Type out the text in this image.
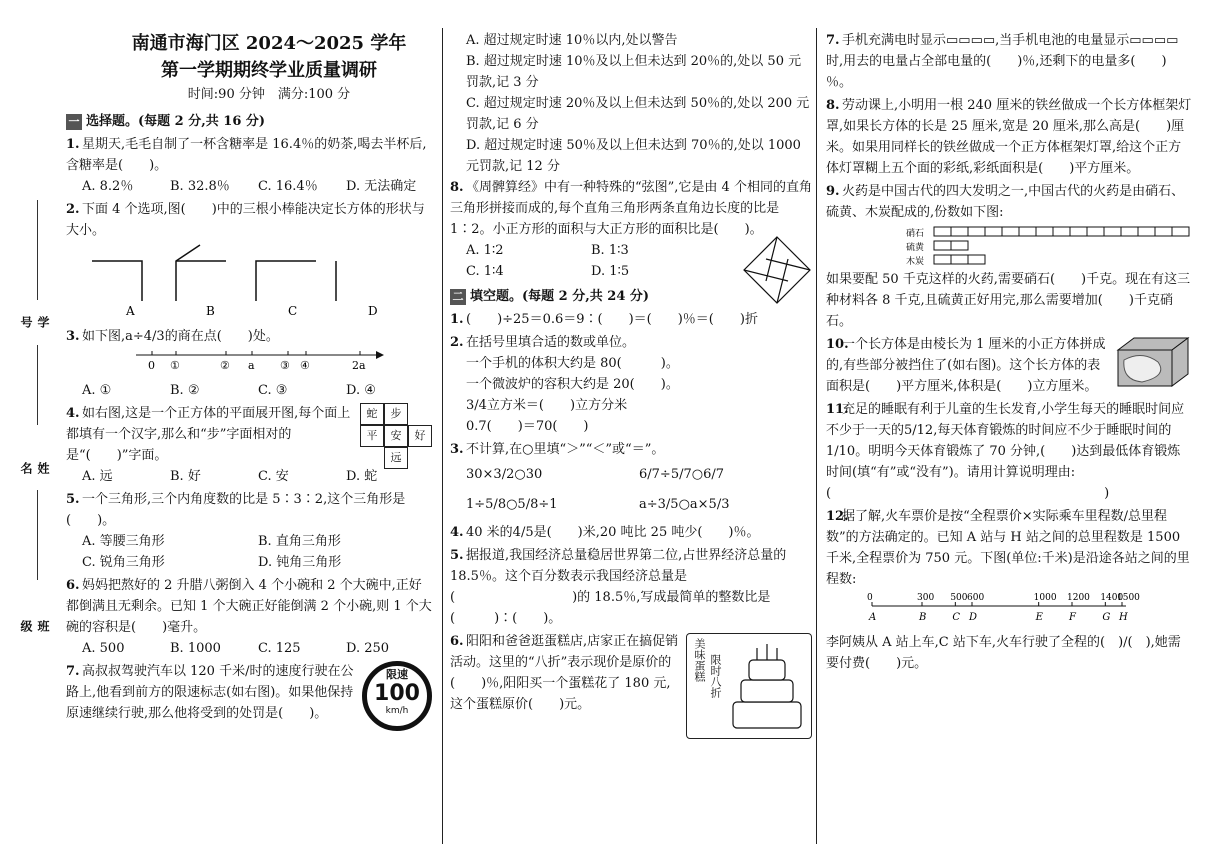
学号
姓名
班级
南通市海门区 2024～2025 学年
第一学期期终学业质量调研
时间:90 分钟　满分:100 分
一 选择题。(每题 2 分,共 16 分)
1. 星期天,毛毛自制了一杯含糖率是 16.4％的奶茶,喝去半杯后,含糖率是(　　)。
A. 8.2％	B. 32.8％	C. 16.4％	D. 无法确定
2. 下面 4 个选项,图(　　)中的三根小棒能决定长方体的形状与大小。
A	B	C	D
3. 如下图,a÷4/3的商在点(　　)处。
0 ①	② a ③ ④	2a
A. ①	B. ②	C. ③	D. ④
4. 如右图,这是一个正方体的平面展开图,每个面上都填有一个汉字,那么和“步”字面相对的是“(　　)”字面。
蛇	步
平	安	好
远
A. 远	B. 好	C. 安	D. 蛇
5. 一个三角形,三个内角度数的比是 5∶3∶2,这个三角形是(　　)。
A. 等腰三角形	B. 直角三角形
C. 锐角三角形	D. 钝角三角形
6. 妈妈把熬好的 2 升腊八粥倒入 4 个小碗和 2 个大碗中,正好都倒满且无剩余。已知 1 个大碗正好能倒满 2 个小碗,则 1 个大碗的容积是(　　)毫升。
A. 500	B. 1000	C. 125	D. 250
7. 高叔叔驾驶汽车以 120 千米/时的速度行驶在公路上,他看到前方的限速标志(如右图)。如果他保持原速继续行驶,那么他将受到的处罚是(　　)。
限速
100
km/h
A. 超过规定时速 10％以内,处以警告
B. 超过规定时速 10％及以上但未达到 20％的,处以 50 元罚款,记 3 分
C. 超过规定时速 20％及以上但未达到 50％的,处以 200 元罚款,记 6 分
D. 超过规定时速 50％及以上但未达到 70％的,处以 1000 元罚款,记 12 分
8. 《周髀算经》中有一种特殊的“弦图”,它是由 4 个相同的直角三角形拼接而成的,每个直角三角形两条直角边长度的比是 1∶2。小正方形的面积与大正方形的面积比是(　　)。
A. 1∶2	B. 1∶3
C. 1∶4	D. 1∶5
二 填空题。(每题 2 分,共 24 分)
1. (　　)÷25＝0.6＝9∶(　　)＝(　　)％＝(　　)折
2. 在括号里填合适的数或单位。
一个手机的体积大约是 80(　　　)。
一个微波炉的容积大约是 20(　　)。
3/4立方米＝(　　)立方分米
0.7(　　)＝70(　　)
3. 不计算,在○里填“＞”“＜”或“＝”。
30×3/2○30	6/7÷5/7○6/7
1÷5/8○5/8÷1	a÷3/5○a×5/3
4. 40 米的4/5是(　　)米,20 吨比 25 吨少(　　)％。
5. 据报道,我国经济总量稳居世界第二位,占世界经济总量的 18.5％。这个百分数表示我国经济总量是(　　　　　　　　　)的 18.5％,写成最简单的整数比是(　　　)∶(　　)。
6. 阳阳和爸爸逛蛋糕店,店家正在搞促销活动。这里的“八折”表示现价是原价的(　　)％,阳阳买一个蛋糕花了 180 元,这个蛋糕原价(　　)元。
美味蛋糕 限时八折
7. 手机充满电时显示▭▭▭▭,当手机电池的电量显示▭▭▭▭时,用去的电量占全部电量的(　　)％,还剩下的电量多(　　)％。
8. 劳动课上,小明用一根 240 厘米的铁丝做成一个长方体框架灯罩,如果长方体的长是 25 厘米,宽是 20 厘米,那么高是(　　)厘米。如果用同样长的铁丝做成一个正方体框架灯罩,给这个正方体灯罩糊上五个面的彩纸,彩纸面积是(　　)平方厘米。
9. 火药是中国古代的四大发明之一,中国古代的火药是由硝石、硫黄、木炭配成的,份数如下图:
硝石
硫黄
木炭
如果要配 50 千克这样的火药,需要硝石(　　)千克。现在有这三种材料各 8 千克,且硫黄正好用完,那么需要增加(　　)千克硝石。
10.一个长方体是由棱长为 1 厘米的小正方体拼成的,有些部分被挡住了(如右图)。这个长方体的表面积是(　　)平方厘米,体积是(　　)立方厘米。
11.充足的睡眠有利于儿童的生长发育,小学生每天的睡眠时间应不少于一天的5/12,每天体育锻炼的时间应不少于睡眠时间的1/10。明明今天体育锻炼了 70 分钟,(　　)达到最低体育锻炼时间(填“有”或“没有”)。请用计算说明理由:(　　　　　　　　　　　　　　　　　　　　　)
12.据了解,火车票价是按“全程票价×实际乘车里程数/总里程数”的方法确定的。已知 A 站与 H 站之间的总里程数是 1500 千米,全程票价为 750 元。下图(单位:千米)是沿途各站之间的里程数:
0
A
300
B
500
C
600
D
1000
E
1200
F
1400
G
1500
H
李阿姨从 A 站上车,C 站下车,火车行驶了全程的(　)/(　),她需要付费(　　)元。
